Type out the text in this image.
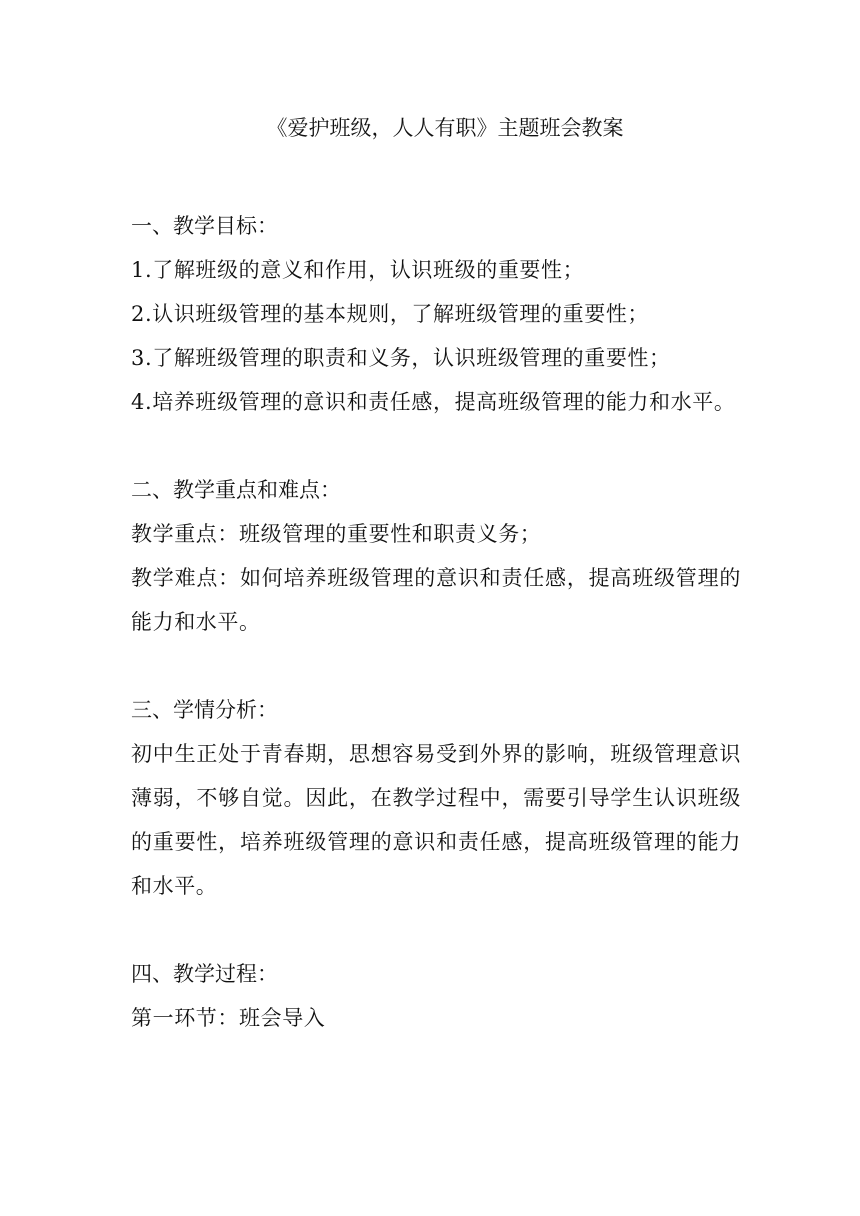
《爱护班级，人人有职》主题班会教案

一、教学目标：

1.了解班级的意义和作用，认识班级的重要性；

2.认识班级管理的基本规则，了解班级管理的重要性；

3.了解班级管理的职责和义务，认识班级管理的重要性；

4.培养班级管理的意识和责任感，提高班级管理的能力和水平。

二、教学重点和难点：

教学重点：班级管理的重要性和职责义务；

教学难点：如何培养班级管理的意识和责任感，提高班级管理的能力和水平。

三、学情分析：

初中生正处于青春期，思想容易受到外界的影响，班级管理意识薄弱，不够自觉。因此，在教学过程中，需要引导学生认识班级的重要性，培养班级管理的意识和责任感，提高班级管理的能力和水平。

四、教学过程：

第一环节：班会导入
